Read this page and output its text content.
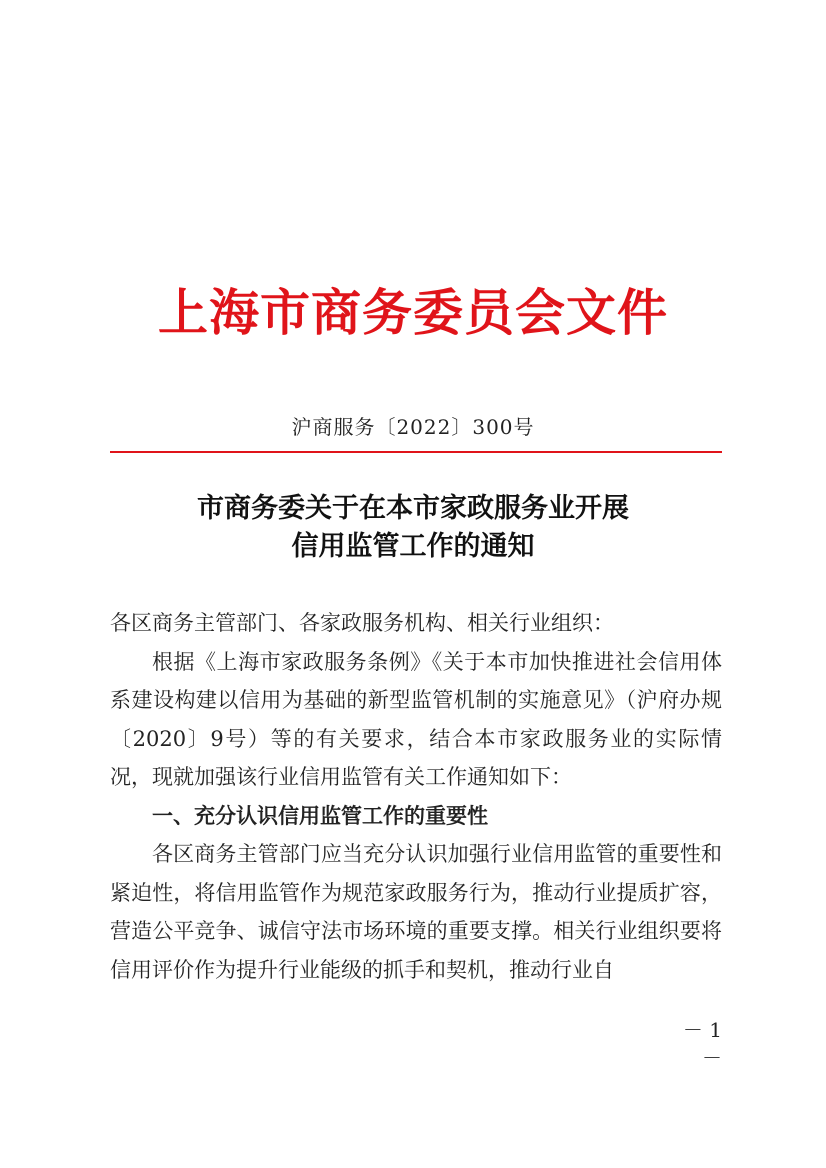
上海市商务委员会文件
沪商服务〔2022〕300号
市商务委关于在本市家政服务业开展
信用监管工作的通知

各区商务主管部门、各家政服务机构、相关行业组织：

根据《上海市家政服务条例》《关于本市加快推进社会信用体系建设构建以信用为基础的新型监管机制的实施意见》（沪府办规〔2020〕9号）等的有关要求，结合本市家政服务业的实际情况，现就加强该行业信用监管有关工作通知如下：

一、充分认识信用监管工作的重要性

各区商务主管部门应当充分认识加强行业信用监管的重要性和紧迫性，将信用监管作为规范家政服务行为，推动行业提质扩容，营造公平竞争、诚信守法市场环境的重要支撑。相关行业组织要将信用评价作为提升行业能级的抓手和契机，推动行业自

－ 1 －
